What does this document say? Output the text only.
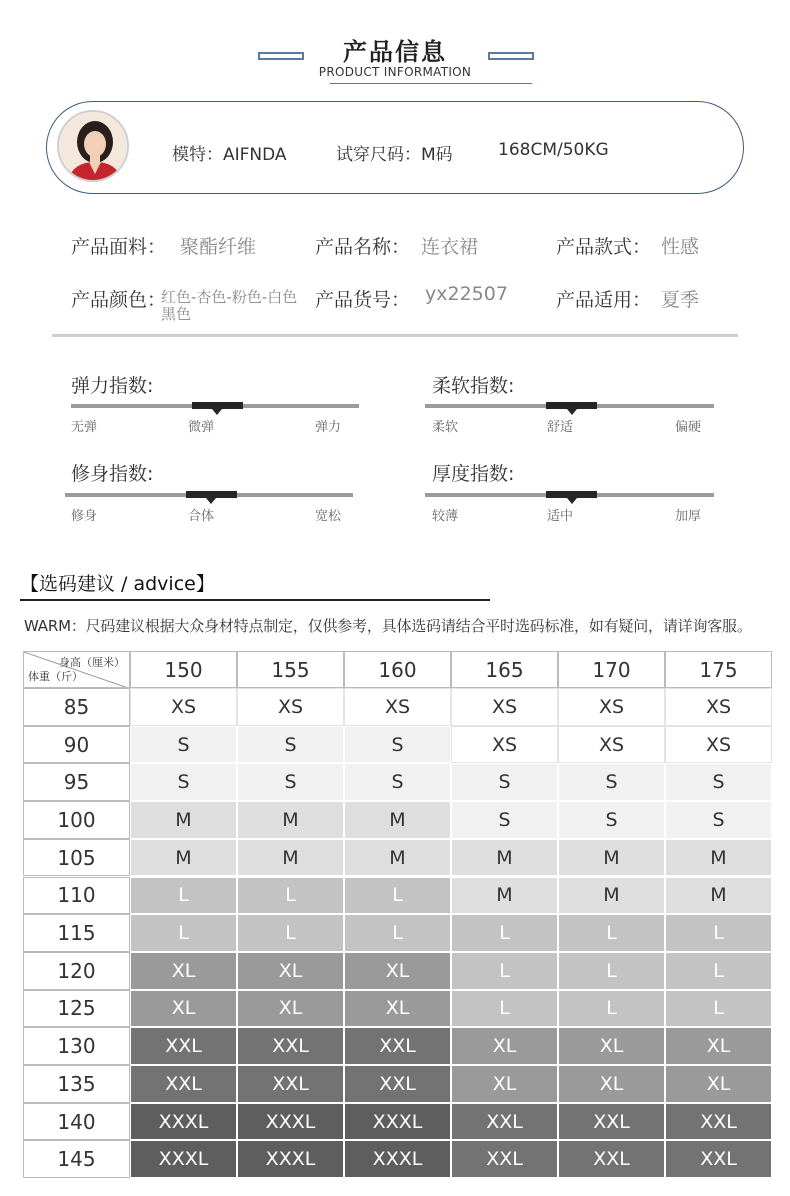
产品信息
PRODUCT INFORMATION
模特：AIFNDA	试穿尺码：M码	168CM/50KG
产品面料： 聚酯纤维	产品名称： 连衣裙	产品款式： 性感
产品颜色：
红色-杏色-粉色-白色黑色
产品货号： yx22507	产品适用： 夏季
弹力指数:
无弹	微弹	弹力
柔软指数:
柔软	舒适	偏硬
修身指数:
修身	合体	宽松
厚度指数:
较薄	适中	加厚
【选码建议 / advice】
WARM：尺码建议根据大众身材特点制定，仅供参考，具体选码请结合平时选码标准，如有疑问，请详询客服。
身高（厘米）
体重（斤）	150	155	160	165	170	175
85	XS	XS	XS	XS	XS	XS
90	S	S	S	XS	XS	XS
95	S	S	S	S	S	S
100	M	M	M	S	S	S
105	M	M	M	M	M	M
110	L	L	L	M	M	M
115	L	L	L	L	L	L
120	XL	XL	XL	L	L	L
125	XL	XL	XL	L	L	L
130	XXL	XXL	XXL	XL	XL	XL
135	XXL	XXL	XXL	XL	XL	XL
140	XXXL	XXXL	XXXL	XXL	XXL	XXL
145	XXXL	XXXL	XXXL	XXL	XXL	XXL
